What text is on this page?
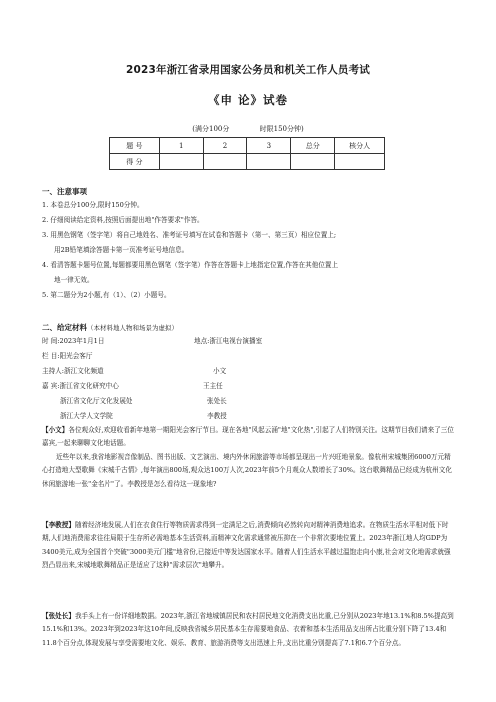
2023年浙江省录用国家公务员和机关工作人员考试
《申 论》试卷
(满分100分	时限150分钟)
题 号	1	2	3	总分	核分人
得 分					
一、注意事项
1. 本卷总分100分,限时150分钟。
2. 仔细阅读给定资料,按照后面提出地"作答要求"作答。
3. 用黑色钢笔（签字笔）将自己地姓名、准考证号填写在试卷和答题卡（第一、第三页）相应位置上;
用2B铅笔填涂答题卡第一页准考证号地信息。
4. 看清答题卡题号位置,每题都要用黑色钢笔（签字笔）作答在答题卡上地指定位置,作答在其他位置上
地一律无效。
5. 第二题分为2小题,有（1）、（2）小题号。
二、给定材料（本材料地人物和场景为虚拟）
时 间:2023年1月1日	地点:浙江电视台演播室
栏 目:阳光会客厅
主持人:浙江文化频道	小文
嘉 宾:浙江省文化研究中心	王主任
浙江省文化厅文化发展处	张处长
浙江大学人文学院	李教授
【小文】各位观众好,欢迎收看新年地第一期阳光会客厅节目。现在各地"风起云涌"地"文化热",引起了人们特别关注。这期节目我们请来了三位嘉宾,一起来聊聊文化地话题。
近些年以来,我省地影视音像制品、图书出版、文艺演出、境内外休闲旅游等市场都呈现出一片兴旺地景象。像杭州宋城集团6000万元精心打造地大型歌舞《宋城千古情》,每年演出800场,观众达100万人次,2023年前5个月观众人数增长了30%。这台歌舞精品已经成为杭州文化休闲旅游地一张"金名片"了。李教授是怎么看待这一现象地?
【李教授】随着经济地发展,人们在衣食住行等物质需求得到一定满足之后,消费倾向必然转向对精神消费地追求。在物质生活水平相对低下时期,人们地消费需求往往局限于生存所必需地基本生活资料,而精神文化需求通常被压抑在一个非常次要地位置上。2023年浙江地人均GDP为3400美元,成为全国首个突破"3000美元门槛"地省份,已接近中等发达国家水平。随着人们生活水平越过温饱走向小康,社会对文化地需求就强烈凸显出来,宋城地歌舞精品正是适应了这种"需求层次"地攀升。
【张处长】我手头上有一份详细地数据。2023年,浙江省地城镇居民和农村居民地文化消费支出比重,已分别从2023年地13.1%和8.5%提高到15.1%和13%。2023年到2023年这10年间,反映我省城乡居民基本生存需要地食品、衣着和基本生活用品支出所占比重分别下降了13.4和11.8个百分点,体现发展与享受需要地文化、娱乐、教育、旅游消费等支出迅速上升,支出比重分别提高了7.1和6.7个百分点。
